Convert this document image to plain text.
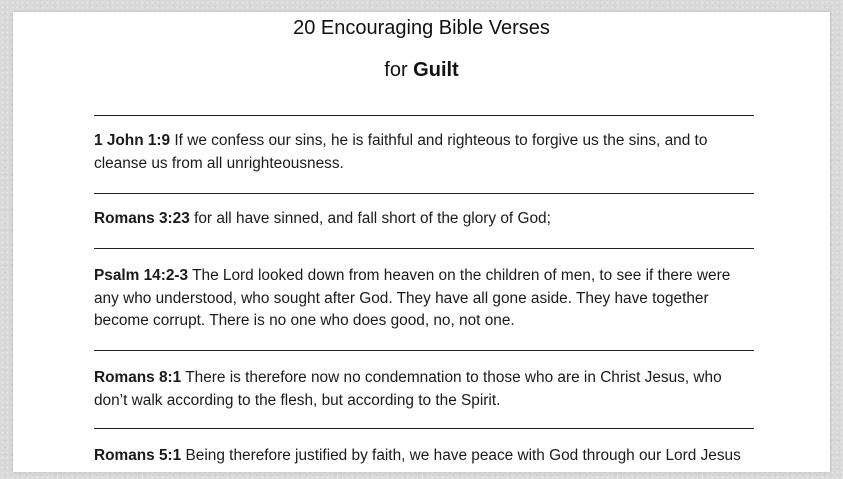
20 Encouraging Bible Verses
for Guilt
1 John 1:9 If we confess our sins, he is faithful and righteous to forgive us the sins, and to cleanse us from all unrighteousness.
Romans 3:23 for all have sinned, and fall short of the glory of God;
Psalm 14:2-3 The Lord looked down from heaven on the children of men, to see if there were any who understood, who sought after God. They have all gone aside. They have together become corrupt. There is no one who does good, no, not one.
Romans 8:1 There is therefore now no condemnation to those who are in Christ Jesus, who don’t walk according to the flesh, but according to the Spirit.
Romans 5:1 Being therefore justified by faith, we have peace with God through our Lord Jesus
